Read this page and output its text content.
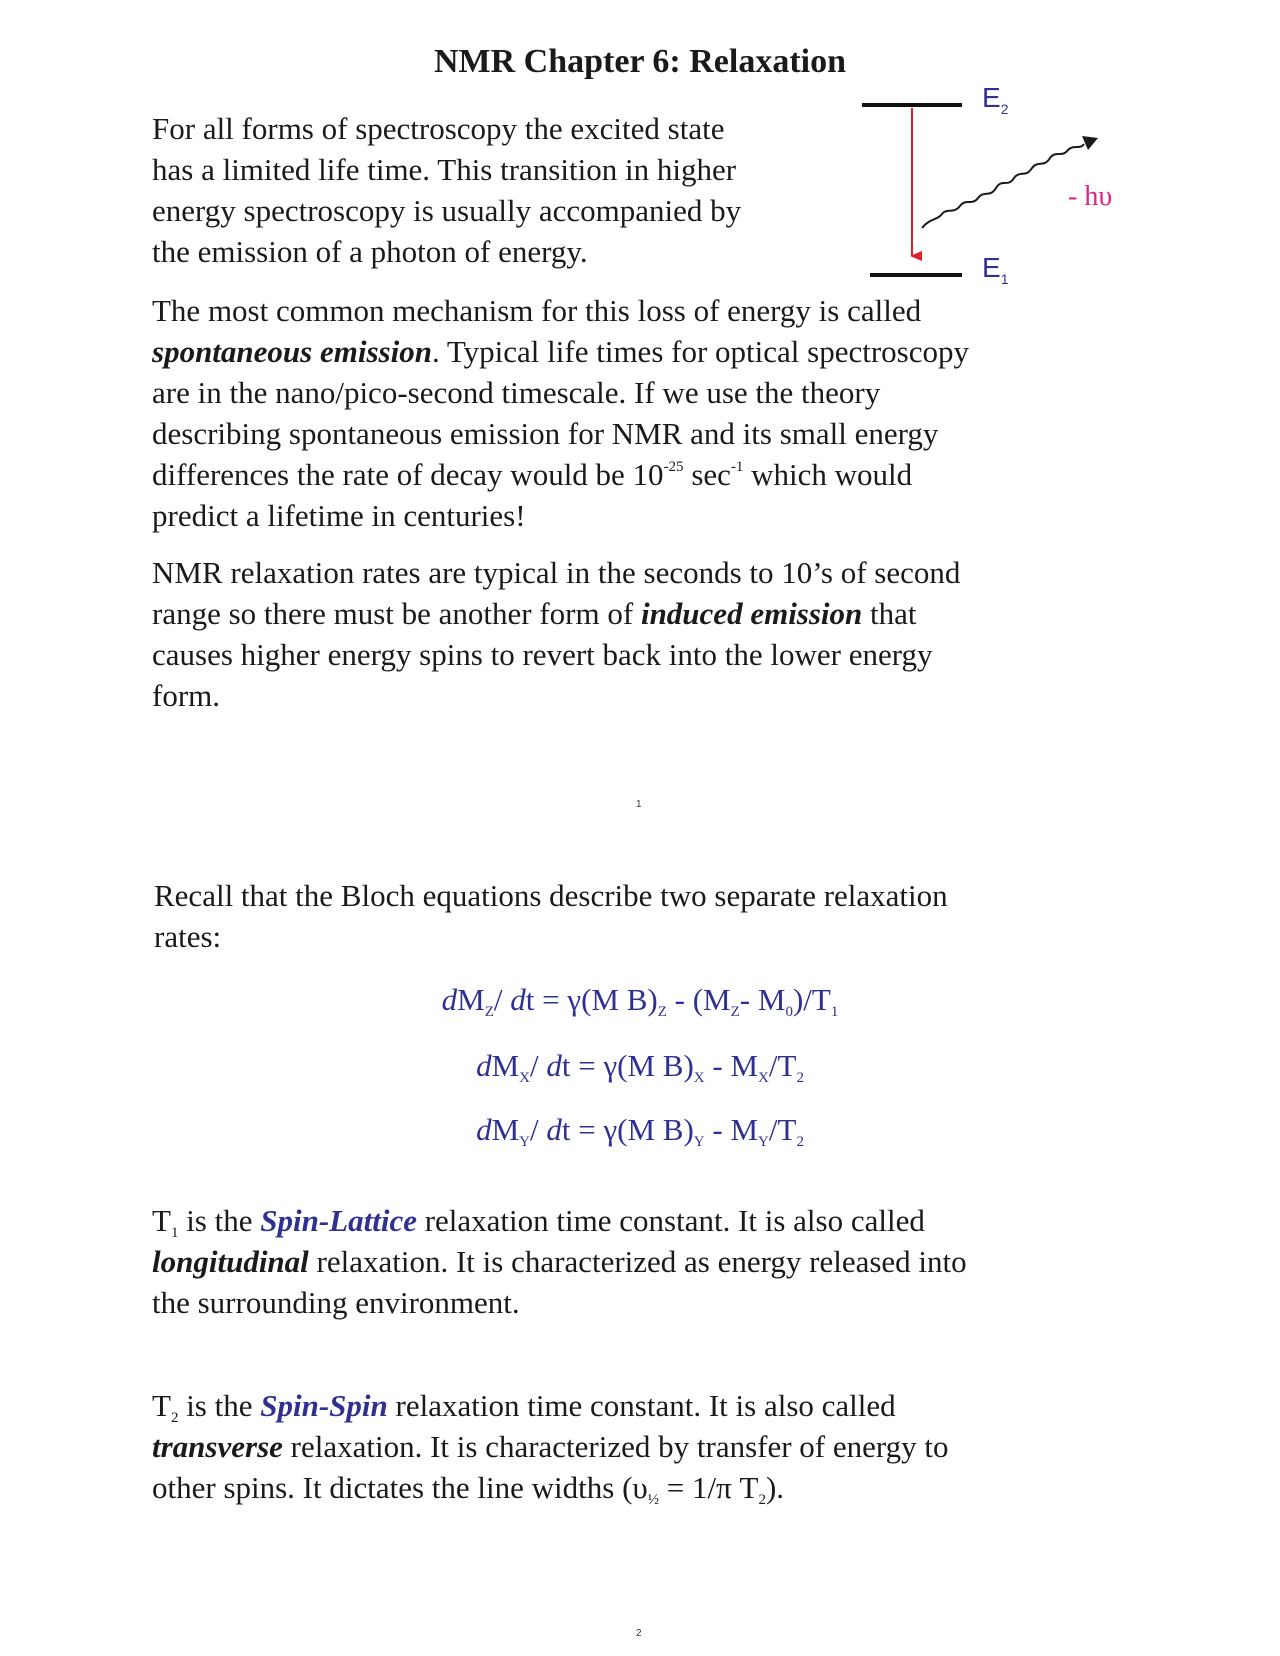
NMR Chapter 6: Relaxation

For all forms of spectroscopy the excited state

has a limited life time. This transition in higher

energy spectroscopy is usually accompanied by

the emission of a photon of energy.

$E_2$
$E_1$
- hυ

The most common mechanism for this loss of energy is called

spontaneous emission. Typical life times for optical spectroscopy

are in the nano/pico-second timescale. If we use the theory

describing spontaneous emission for NMR and its small energy

differences the rate of decay would be $10^{-25}$ $\sec^{-1}$ which would

predict a lifetime in centuries!

NMR relaxation rates are typical in the seconds to 10’s of second

range so there must be another form of induced emission that

causes higher energy spins to revert back into the lower energy

form.

1

Recall that the Bloch equations describe two separate relaxation

rates:

$dM_Z/$ dt = γ(M $B)_Z - (M_Z-$ $M_0)/T_1$
$dM_X/$ dt = γ(M $B)_X - M_X/T_2$
$dM_Y/$ dt = γ(M $B)_Y - M_Y/T_2$

$T_1$ is the Spin-Lattice relaxation time constant. It is also called

longitudinal relaxation. It is characterized as energy released into

the surrounding environment.

$T_2$ is the Spin-Spin relaxation time constant. It is also called

transverse relaxation. It is characterized by transfer of energy to

other spins. It dictates the line widths ($\upsilon_{\frac{1}{2}} = 1/\pi$ $T_2$).

2
